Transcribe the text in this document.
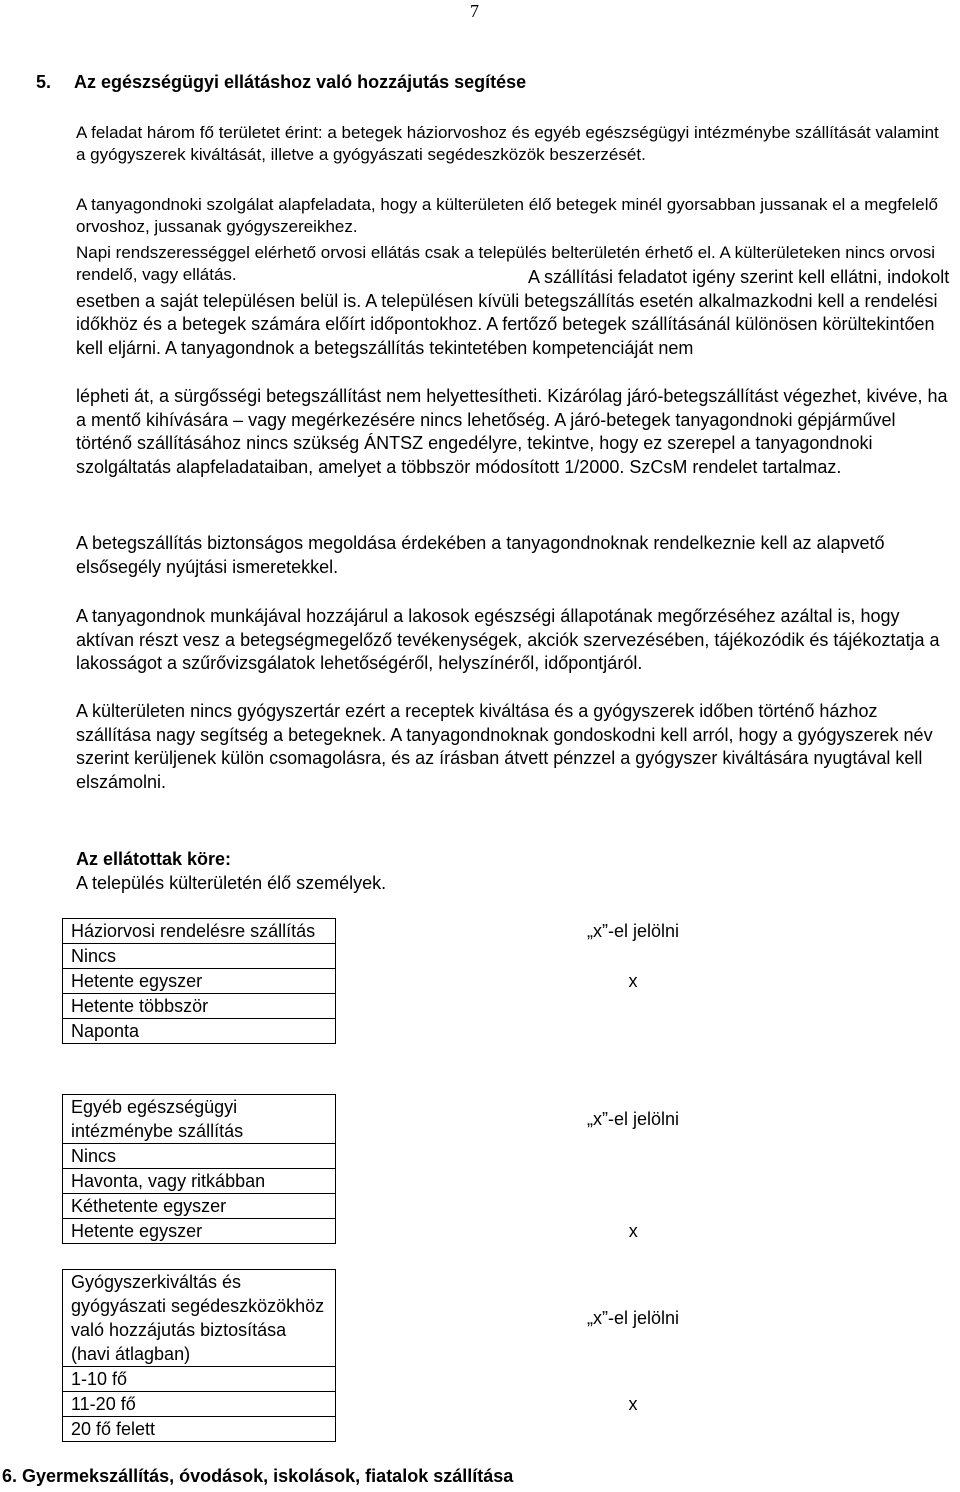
7
5. Az egészségügyi ellátáshoz való hozzájutás segítése

A feladat három fő területet érint: a betegek háziorvoshoz és egyéb egészségügyi intézménybe szállítását valamint a gyógyszerek kiváltását, illetve a gyógyászati segédeszközök beszerzését.

A tanyagondnoki szolgálat alapfeladata, hogy a külterületen élő betegek minél gyorsabban jussanak el a megfelelő orvoshoz, jussanak gyógyszereikhez.

Napi rendszerességgel elérhető orvosi ellátás csak a település belterületén érhető el. A külterületeken nincs orvosi rendelő, vagy ellátás.	A szállítási feladatot igény szerint kell ellátni, indokolt esetben a saját településen belül is. A településen kívüli betegszállítás esetén alkalmazkodni kell a rendelési időkhöz és a betegek számára előírt időpontokhoz. A fertőző betegek szállításánál különösen körültekintően kell eljárni. A tanyagondnok a betegszállítás tekintetében kompetenciáját nem

lépheti át, a sürgősségi betegszállítást nem helyettesítheti. Kizárólag járó-betegszállítást végezhet, kivéve, ha a mentő kihívására – vagy megérkezésére nincs lehetőség. A járó-betegek tanyagondnoki gépjárművel történő szállításához nincs szükség ÁNTSZ engedélyre, tekintve, hogy ez szerepel a tanyagondnoki szolgáltatás alapfeladataiban, amelyet a többször módosított 1/2000. SzCsM rendelet tartalmaz.

A betegszállítás biztonságos megoldása érdekében a tanyagondnoknak rendelkeznie kell az alapvető elsősegély nyújtási ismeretekkel.

A tanyagondnok munkájával hozzájárul a lakosok egészségi állapotának megőrzéséhez azáltal is, hogy aktívan részt vesz a betegségmegelőző tevékenységek, akciók szervezésében, tájékozódik és tájékoztatja a lakosságot a szűrővizsgálatok lehetőségéről, helyszínéről, időpontjáról.

A külterületen nincs gyógyszertár ezért a receptek kiváltása és a gyógyszerek időben történő házhoz szállítása nagy segítség a betegeknek. A tanyagondnoknak gondoskodni kell arról, hogy a gyógyszerek név szerint kerüljenek külön csomagolásra, és az írásban átvett pénzzel a gyógyszer kiváltására nyugtával kell elszámolni.

Az ellátottak köre:
A település külterületén élő személyek.
Háziorvosi rendelésre szállítás	„x”-el jelölni
Nincs	
Hetente egyszer	x
Hetente többször	
Naponta	
Egyéb egészségügyi intézménybe szállítás	„x”-el jelölni
Nincs	
Havonta, vagy ritkábban	
Kéthetente egyszer	
Hetente egyszer	x
Gyógyszerkiváltás és gyógyászati segédeszközökhöz való hozzájutás biztosítása (havi átlagban)	„x”-el jelölni
1-10 fő	
11-20 fő	x
20 fő felett	
6. Gyermekszállítás, óvodások, iskolások, fiatalok szállítása
